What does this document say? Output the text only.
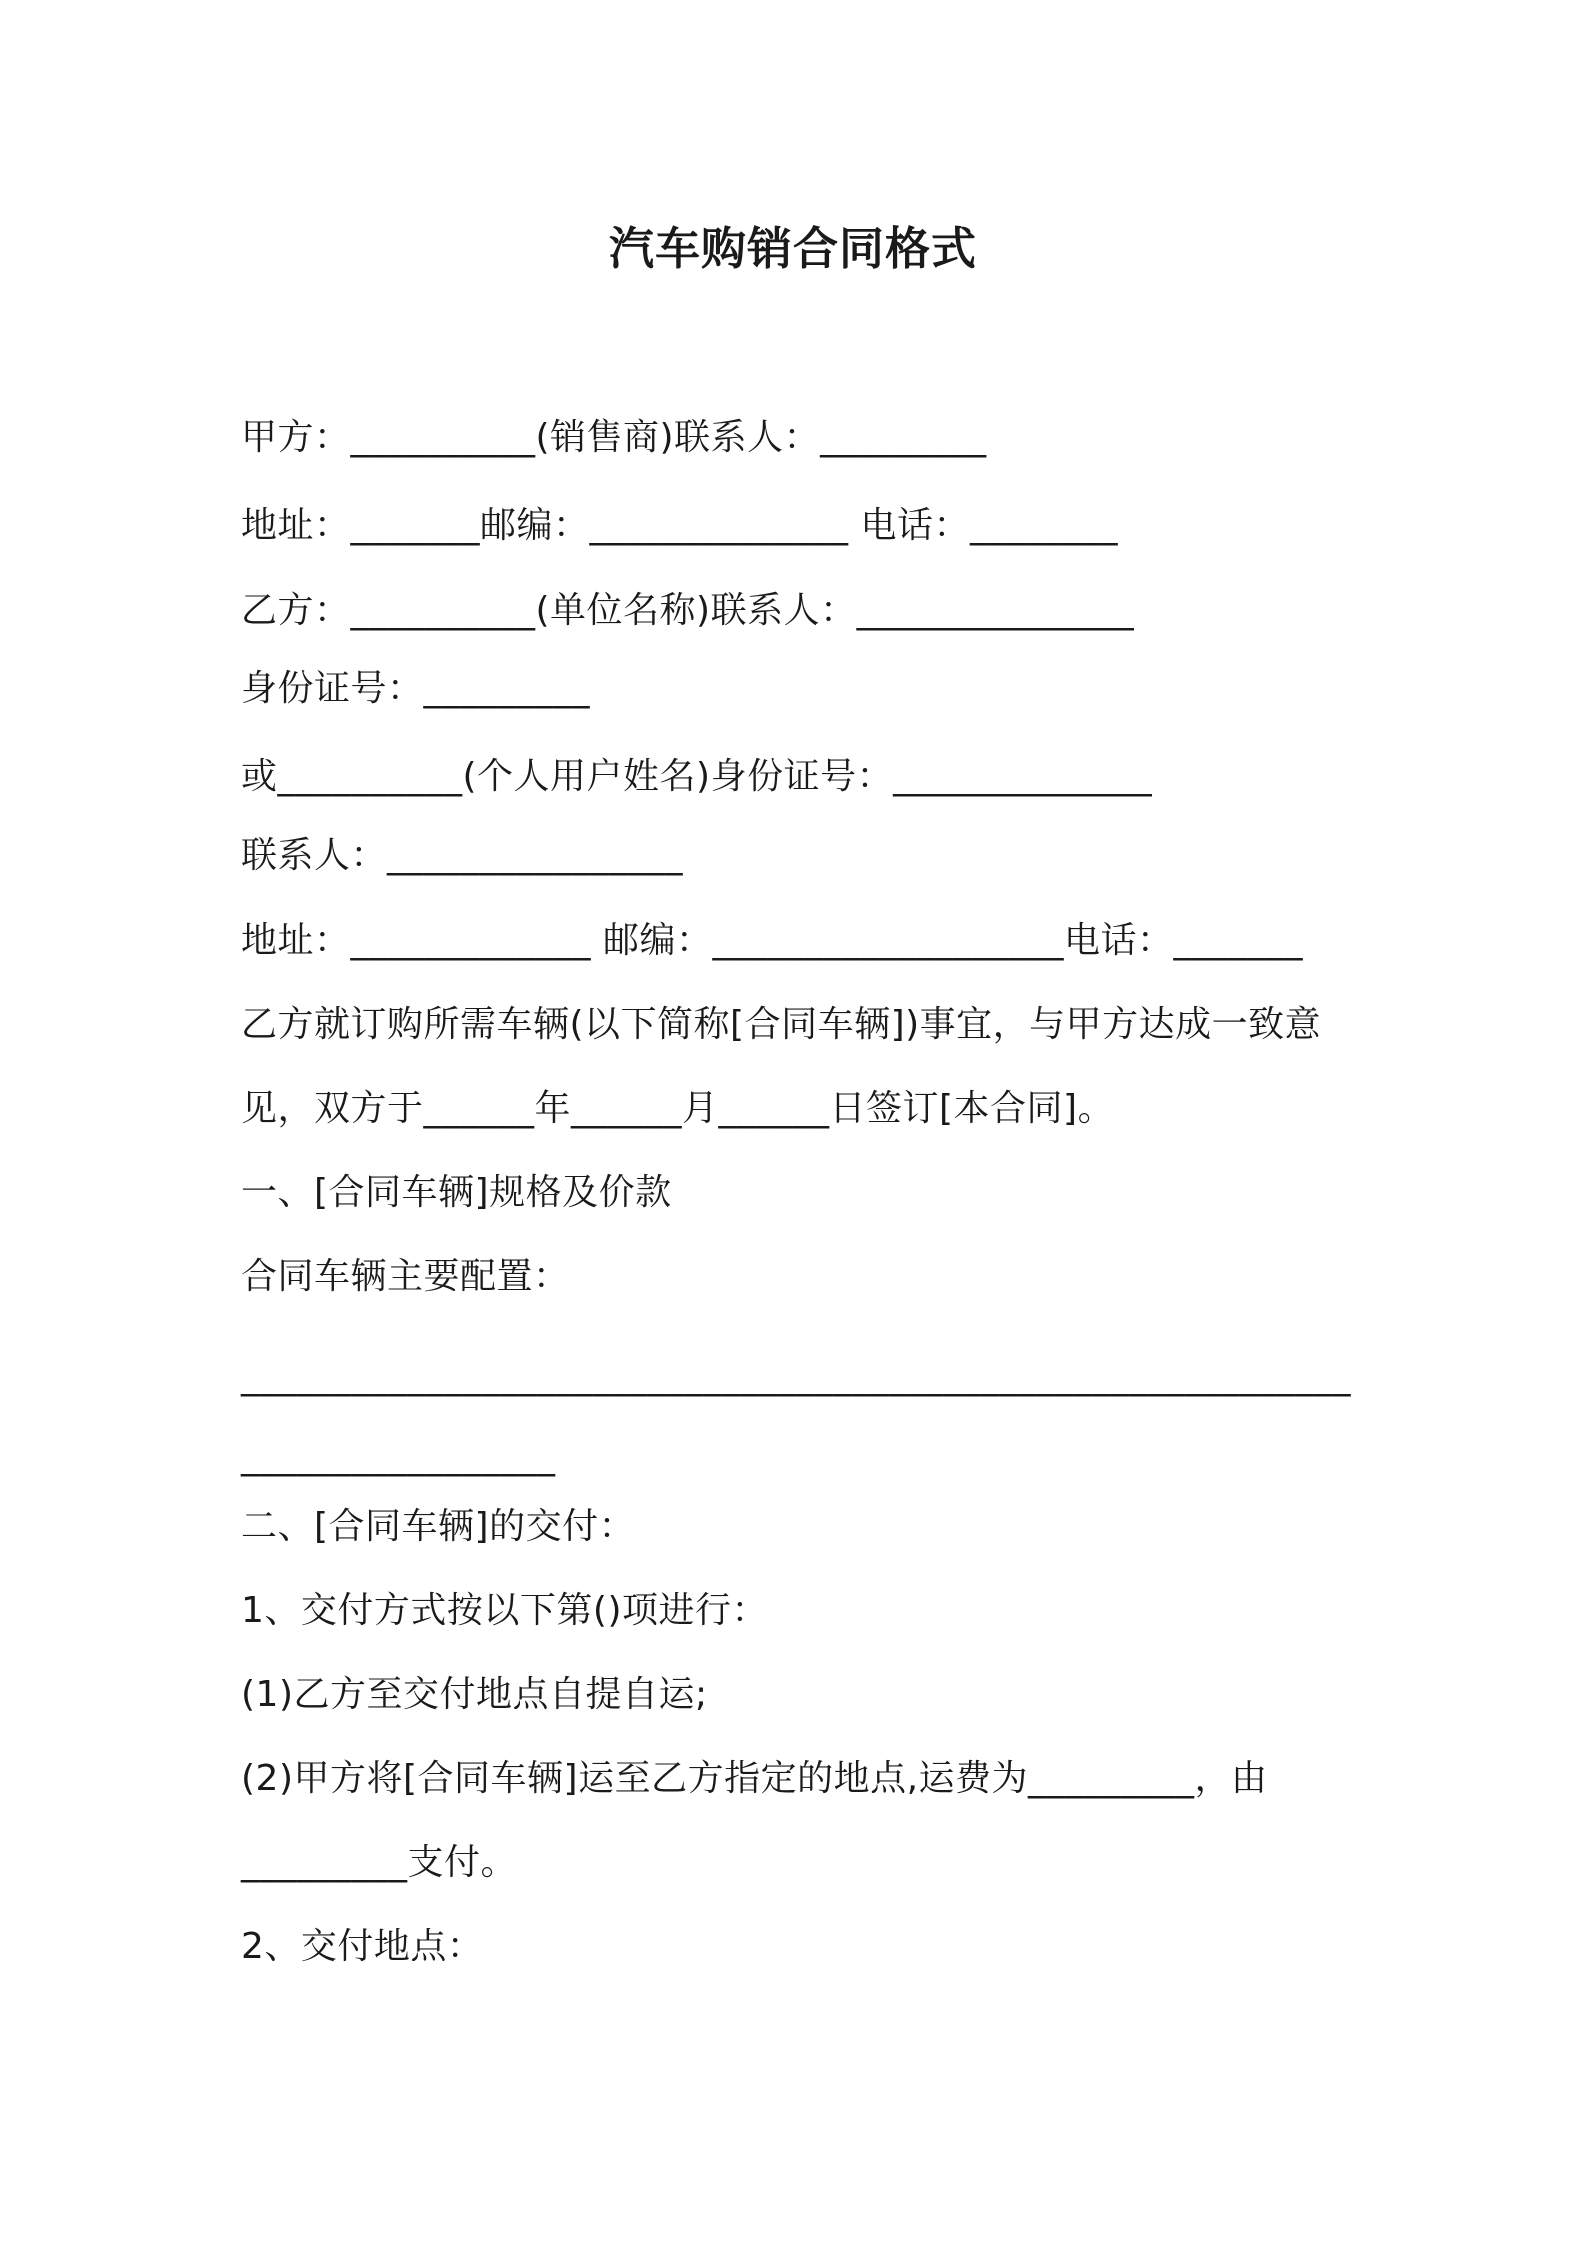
汽车购销合同格式
甲方：__________(销售商)联系人：_________
地址：_______邮编：______________ 电话：________
乙方：__________(单位名称)联系人：_______________
身份证号：_________
或__________(个人用户姓名)身份证号：______________
联系人：________________
地址：_____________ 邮编：___________________电话：_______
乙方就订购所需车辆(以下简称[合同车辆])事宜，与甲方达成一致意
见，双方于______年______月______日签订[本合同]。
一、[合同车辆]规格及价款
合同车辆主要配置：
____________________________________________________________
_________________
二、[合同车辆]的交付：
1、交付方式按以下第()项进行：
(1)乙方至交付地点自提自运;
(2)甲方将[合同车辆]运至乙方指定的地点,运费为_________，由
_________支付。
2、交付地点：
